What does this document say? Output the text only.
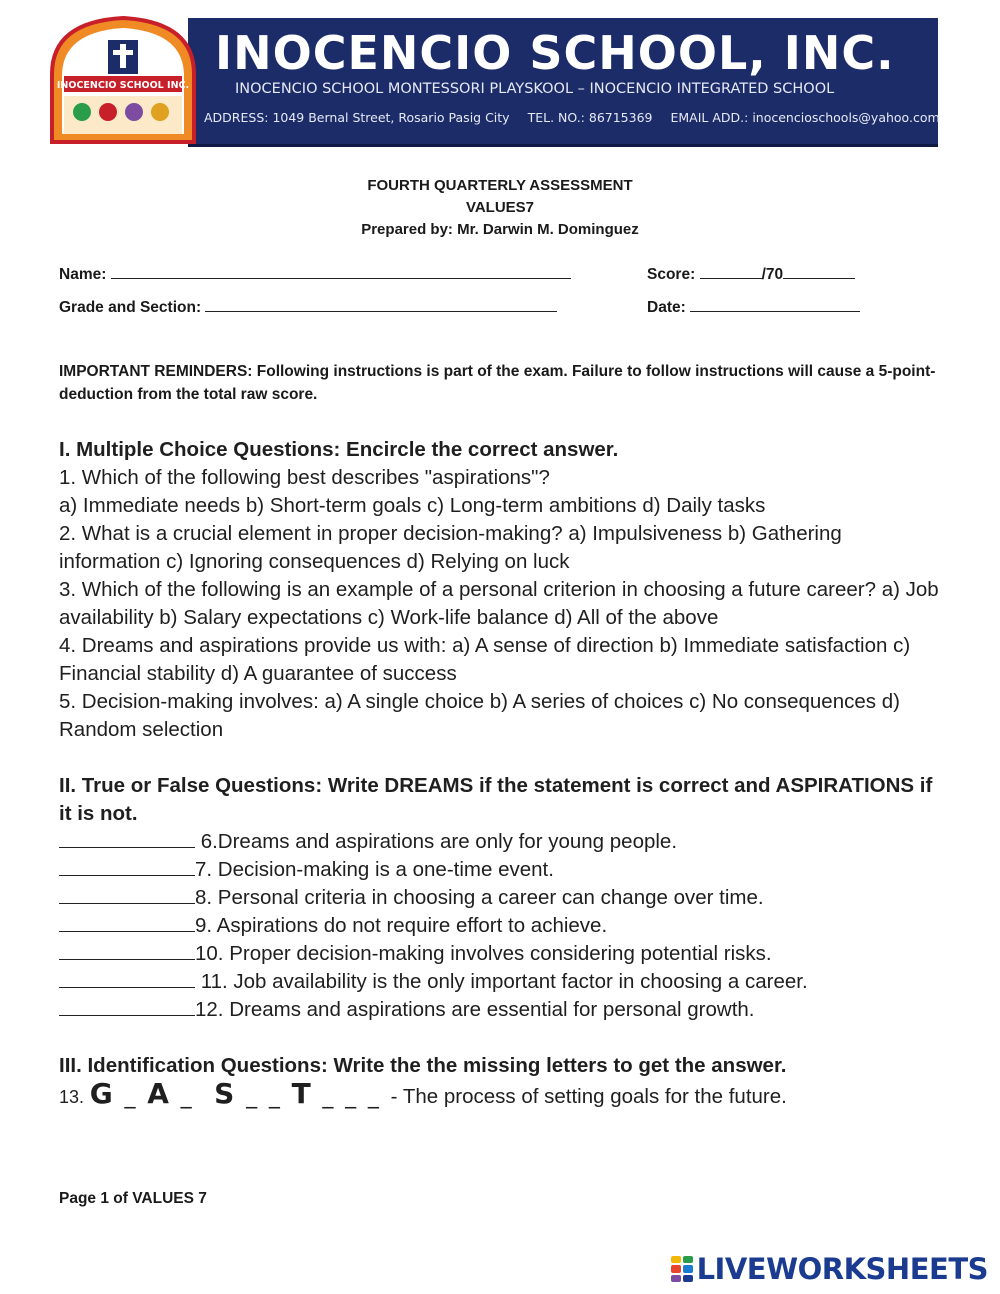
INOCENCIO SCHOOL INC.
INOCENCIO SCHOOL, INC.
INOCENCIO SCHOOL MONTESSORI PLAYSKOOL – INOCENCIO INTEGRATED SCHOOL
ADDRESS: 1049 Bernal Street, Rosario Pasig City TEL. NO.: 86715369 EMAIL ADD.: inocencioschools@yahoo.com
FOURTH QUARTERLY ASSESSMENT
VALUES7
Prepared by: Mr. Darwin M. Dominguez
Name:	Score:	/70
Grade and Section:	Date:
IMPORTANT REMINDERS: Following instructions is part of the exam. Failure to follow instructions will cause a 5-point-deduction from the total raw score.
I. Multiple Choice Questions: Encircle the correct answer.
1. Which of the following best describes "aspirations"?
a) Immediate needs b) Short-term goals c) Long-term ambitions d) Daily tasks
2. What is a crucial element in proper decision-making? a) Impulsiveness b) Gathering information c) Ignoring consequences d) Relying on luck
3. Which of the following is an example of a personal criterion in choosing a future career? a) Job availability b) Salary expectations c) Work-life balance d) All of the above
4. Dreams and aspirations provide us with: a) A sense of direction b) Immediate satisfaction c) Financial stability d) A guarantee of success
5. Decision-making involves: a) A single choice b) A series of choices c) No consequences d) Random selection
II. True or False Questions: Write DREAMS if the statement is correct and ASPIRATIONS if it is not.
6.Dreams and aspirations are only for young people.
7. Decision-making is a one-time event.
8. Personal criteria in choosing a career can change over time.
9. Aspirations do not require effort to achieve.
10. Proper decision-making involves considering potential risks.
11. Job availability is the only important factor in choosing a career.
12. Dreams and aspirations are essential for personal growth.
III. Identification Questions: Write the the missing letters to get the answer.
13. G _ A _ S _ _ T _ _ _ - The process of setting goals for the future.
Page 1 of VALUES 7
LIVEWORKSHEETS
